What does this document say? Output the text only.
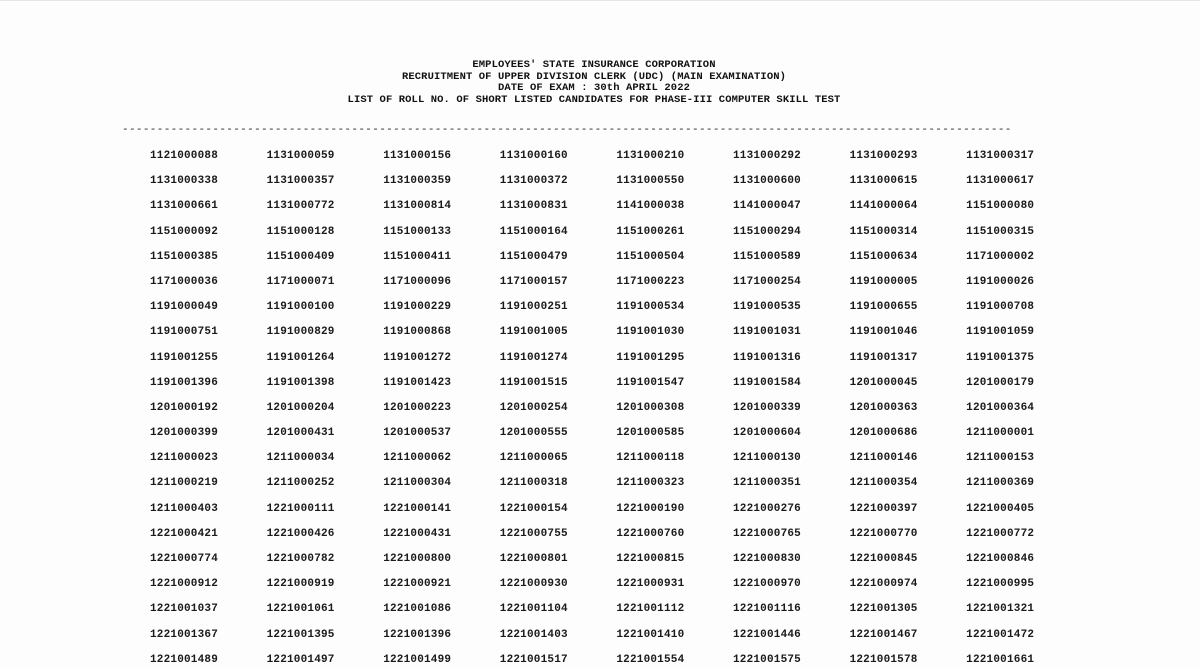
EMPLOYEES' STATE INSURANCE CORPORATION
RECRUITMENT OF UPPER DIVISION CLERK (UDC) (MAIN EXAMINATION)
DATE OF EXAM : 30th APRIL 2022
LIST OF ROLL NO. OF SHORT LISTED CANDIDATES FOR PHASE-III COMPUTER SKILL TEST
--------------------------------------------------------------------------------------------------------------------------------
1121000088	1131000059	1131000156	1131000160	1131000210	1131000292	1131000293	1131000317
1131000338	1131000357	1131000359	1131000372	1131000550	1131000600	1131000615	1131000617
1131000661	1131000772	1131000814	1131000831	1141000038	1141000047	1141000064	1151000080
1151000092	1151000128	1151000133	1151000164	1151000261	1151000294	1151000314	1151000315
1151000385	1151000409	1151000411	1151000479	1151000504	1151000589	1151000634	1171000002
1171000036	1171000071	1171000096	1171000157	1171000223	1171000254	1191000005	1191000026
1191000049	1191000100	1191000229	1191000251	1191000534	1191000535	1191000655	1191000708
1191000751	1191000829	1191000868	1191001005	1191001030	1191001031	1191001046	1191001059
1191001255	1191001264	1191001272	1191001274	1191001295	1191001316	1191001317	1191001375
1191001396	1191001398	1191001423	1191001515	1191001547	1191001584	1201000045	1201000179
1201000192	1201000204	1201000223	1201000254	1201000308	1201000339	1201000363	1201000364
1201000399	1201000431	1201000537	1201000555	1201000585	1201000604	1201000686	1211000001
1211000023	1211000034	1211000062	1211000065	1211000118	1211000130	1211000146	1211000153
1211000219	1211000252	1211000304	1211000318	1211000323	1211000351	1211000354	1211000369
1211000403	1221000111	1221000141	1221000154	1221000190	1221000276	1221000397	1221000405
1221000421	1221000426	1221000431	1221000755	1221000760	1221000765	1221000770	1221000772
1221000774	1221000782	1221000800	1221000801	1221000815	1221000830	1221000845	1221000846
1221000912	1221000919	1221000921	1221000930	1221000931	1221000970	1221000974	1221000995
1221001037	1221001061	1221001086	1221001104	1221001112	1221001116	1221001305	1221001321
1221001367	1221001395	1221001396	1221001403	1221001410	1221001446	1221001467	1221001472
1221001489	1221001497	1221001499	1221001517	1221001554	1221001575	1221001578	1221001661
